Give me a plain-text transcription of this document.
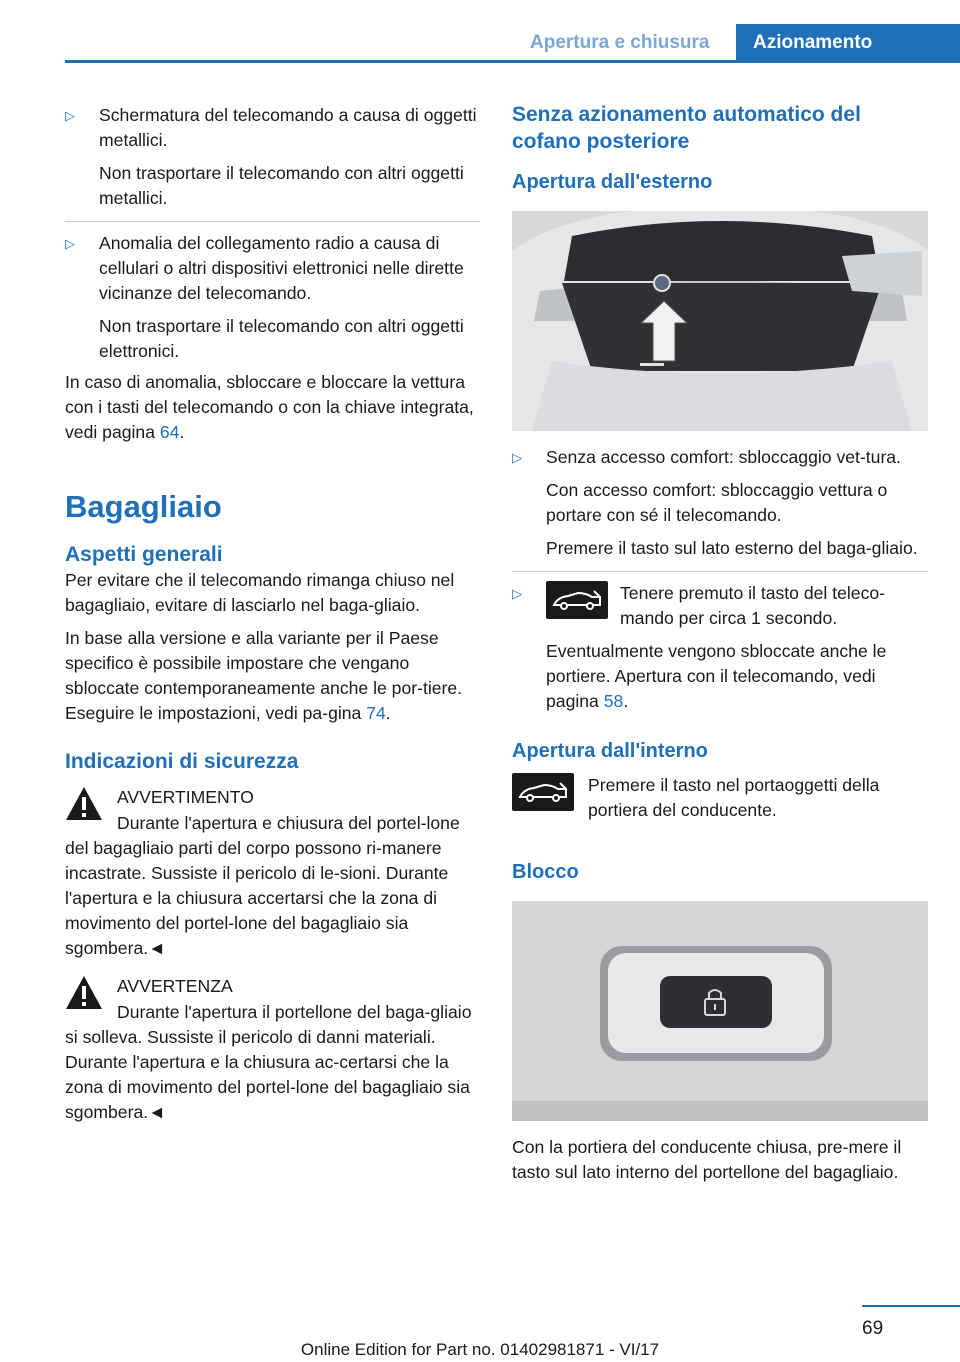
Apertura e chiusura	Azionamento
▷	Schermatura del telecomando a causa di oggetti metallici.

Non trasportare il telecomando con altri oggetti metallici.

▷	Anomalia del collegamento radio a causa di cellulari o altri dispositivi elettronici nelle dirette vicinanze del telecomando.

Non trasportare il telecomando con altri oggetti elettronici.

In caso di anomalia, sbloccare e bloccare la vettura con i tasti del telecomando o con la chiave integrata, vedi pagina 64.

Bagagliaio
Aspetti generali

Per evitare che il telecomando rimanga chiuso nel bagagliaio, evitare di lasciarlo nel baga-gliaio.

In base alla versione e alla variante per il Paese specifico è possibile impostare che vengano sbloccate contemporaneamente anche le por-tiere. Eseguire le impostazioni, vedi pa-gina 74.

Indicazioni di sicurezza
AVVERTIMENTO

Durante l'apertura e chiusura del portel-lone del bagagliaio parti del corpo possono ri-manere incastrate. Sussiste il pericolo di le-sioni. Durante l'apertura e la chiusura accertarsi che la zona di movimento del portel-lone del bagagliaio sia sgombera.◄

AVVERTENZA

Durante l'apertura il portellone del baga-gliaio si solleva. Sussiste il pericolo di danni materiali. Durante l'apertura e la chiusura ac-certarsi che la zona di movimento del portel-lone del bagagliaio sia sgombera.◄

Senza azionamento automatico del cofano posteriore
Apertura dall'esterno
▷	Senza accesso comfort: sbloccaggio vet-tura.

Con accesso comfort: sbloccaggio vettura o portare con sé il telecomando.

Premere il tasto sul lato esterno del baga-gliaio.

▷	Tenere premuto il tasto del teleco-mando per circa 1 secondo.

Eventualmente vengono sbloccate anche le portiere. Apertura con il telecomando, vedi pagina 58.

Apertura dall'interno

Premere il tasto nel portaoggetti della portiera del conducente.

Blocco

Con la portiera del conducente chiusa, pre-mere il tasto sul lato interno del portellone del bagagliaio.

69
Online Edition for Part no. 01402981871 - VI/17
